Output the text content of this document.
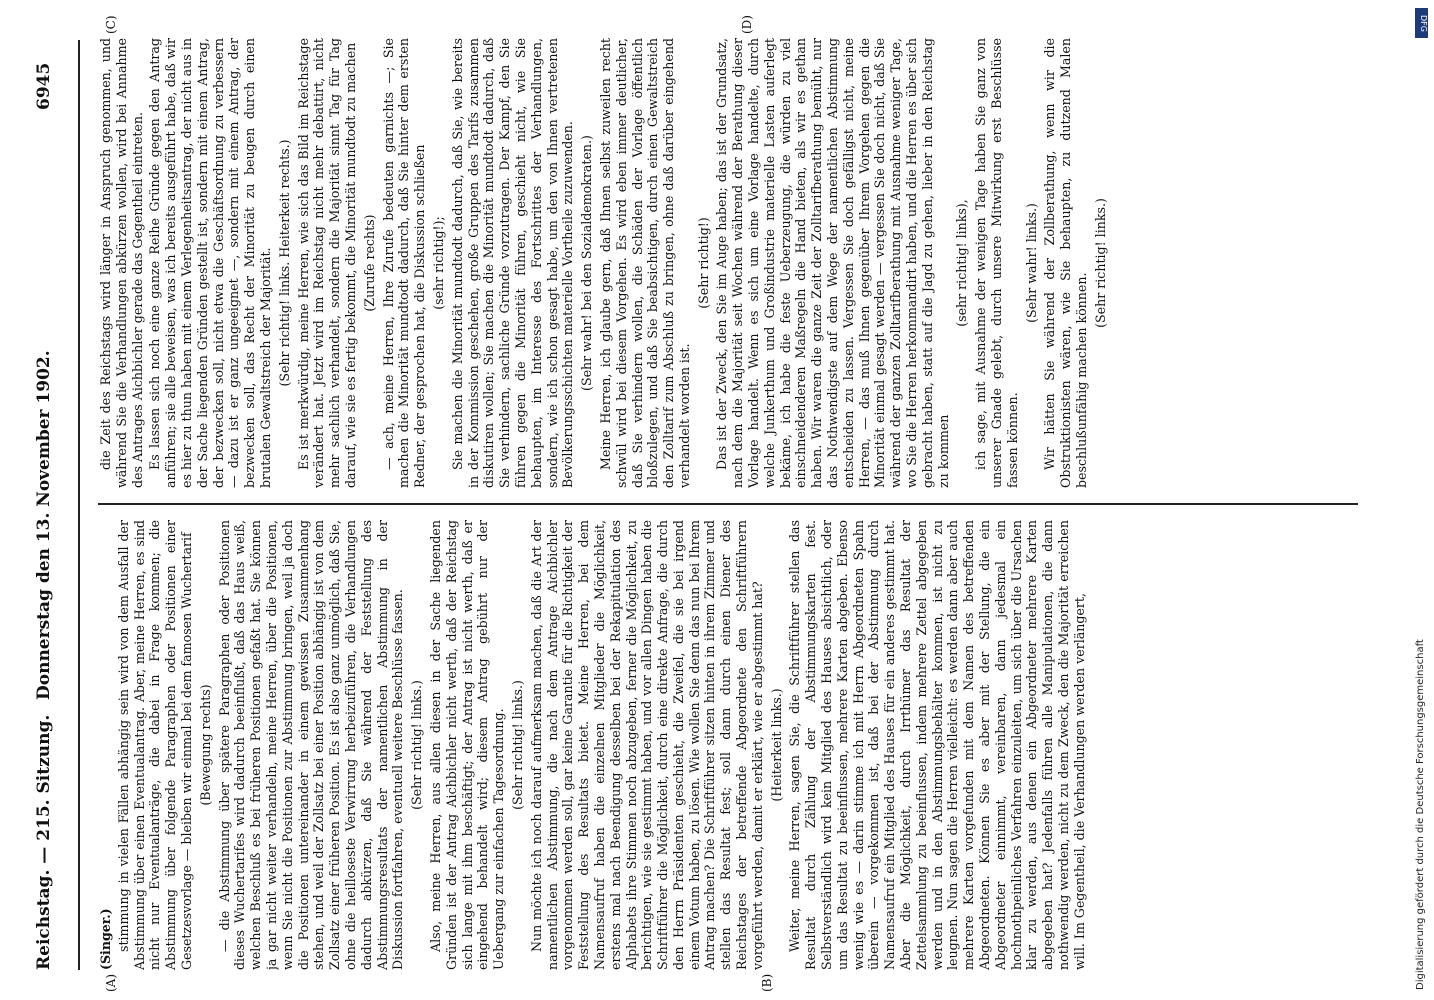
Reichstag. — 215. Sitzung.
Donnerstag den 13. November 1902.
6945
(A)	(B)
(C)	(D)

(Singer.) stimmung in vielen Fällen abhängig sein wird von dem Ausfall der Abstimmung über einen Eventualantrag. Aber, meine Herren, es sind nicht nur Eventualanträge, die dabei in Frage kommen; die Abstimmung über folgende Paragraphen oder Positionen einer Gesetzesvorlage — bleiben wir einmal bei dem famosen Wuchertarif (Bewegung rechts) — die Abstimmung über spätere Paragraphen oder Positionen dieses Wuchertarifes wird dadurch beeinflußt, daß das Haus weiß, welchen Beschluß es bei früheren Positionen gefaßt hat. Sie können ja gar nicht weiter verhandeln, meine Herren, über die Positionen, wenn Sie nicht die Positionen zur Abstimmung bringen, weil ja doch die Positionen untereinander in einem gewissen Zusammenhang stehen, und weil der Zollsatz bei einer Position abhängig ist von dem Zollsatz einer früheren Position. Es ist also ganz unmöglich, daß Sie, ohne die heilloseste Verwirrung herbeizuführen, die Verhandlungen dadurch abkürzen, daß Sie während der Feststellung des Abstimmungsresultats der namentlichen Abstimmung in der Diskussion fortfahren, eventuell weitere Beschlüsse fassen. (Sehr richtig! links.) Also, meine Herren, aus allen diesen in der Sache liegenden Gründen ist der Antrag Aichbichler nicht werth, daß der Reichstag sich lange mit ihm beschäftigt; der Antrag ist nicht werth, daß er eingehend behandelt wird; diesem Antrag gebührt nur der Uebergang zur einfachen Tagesordnung. (Sehr richtig! links.) Nun möchte ich noch darauf aufmerksam machen, daß die Art der namentlichen Abstimmung, die nach dem Antrage Aichbichler vorgenommen werden soll, gar keine Garantie für die Richtigkeit der Feststellung des Resultats bietet. Meine Herren, bei dem Namensaufruf haben die einzelnen Mitglieder die Möglichkeit, erstens mal nach Beendigung desselben bei der Rekapitulation des Alphabets ihre Stimmen noch abzugeben, ferner die Möglichkeit, zu berichtigen, wie sie gestimmt haben, und vor allen Dingen haben die Schriftführer die Möglichkeit, durch eine direkte Anfrage, die durch den Herrn Präsidenten geschieht, die Zweifel, die sie bei irgend einem Votum haben, zu lösen. Wie wollen Sie denn das nun bei Ihrem Antrag machen? Die Schriftführer sitzen hinten in ihrem Zimmer und stellen das Resultat fest; soll dann durch einen Diener des Reichstages der betreffende Abgeordnete den Schriftführern vorgeführt werden, damit er erklärt, wie er abgestimmt hat? (Heiterkeit links.) Weiter, meine Herren, sagen Sie, die Schriftführer stellen das Resultat durch Zählung der Abstimmungskarten fest. Selbstverständlich wird kein Mitglied des Hauses absichtlich, oder um das Resultat zu beeinflussen, mehrere Karten abgeben. Ebenso wenig wie es — darin stimme ich mit Herrn Abgeordneten Spahn überein — vorgekommen ist, daß bei der Abstimmung durch Namensaufruf ein Mitglied des Hauses für ein anderes gestimmt hat. Aber die Möglichkeit, durch Irrthümer das Resultat der Zettelsammlung zu beeinflussen, indem mehrere Zettel abgegeben werden und in den Abstimmungsbehälter kommen, ist nicht zu leugnen. Nun sagen die Herren vielleicht: es werden dann aber auch mehrere Karten vorgefunden mit dem Namen des betreffenden Abgeordneten. Können Sie es aber mit der Stellung, die ein Abgeordneter einnimmt, vereinbaren, dann jedesmal ein hochnothpeinliches Verfahren einzuleiten, um sich über die Ursachen klar zu werden, aus denen ein Abgeordneter mehrere Karten abgegeben hat? Jedenfalls führen alle Manipulationen, die dann nothwendig werden, nicht zu dem Zweck, den die Majorität erreichen will. Im Gegentheil, die Verhandlungen werden verlängert,

die Zeit des Reichstags wird länger in Anspruch genommen, und während Sie die Verhandlungen abkürzen wollen, wird bei Annahme des Antrages Aichbichler gerade das Gegentheil eintreten. Es lassen sich noch eine ganze Reihe Gründe gegen den Antrag anführen; sie alle beweisen, was ich bereits ausgeführt habe, daß wir es hier zu thun haben mit einem Verlegenheitsantrag, der nicht aus in der Sache liegenden Gründen gestellt ist, sondern mit einem Antrag, der bezwecken soll, nicht etwa die Geschäftsordnung zu verbessern — dazu ist er ganz ungeeignet —, sondern mit einem Antrag, der bezwecken soll, das Recht der Minorität zu beugen durch einen brutalen Gewaltstreich der Majorität. (Sehr richtig! links. Heiterkeit rechts.) Es ist merkwürdig, meine Herren, wie sich das Bild im Reichstage verändert hat. Jetzt wird im Reichstag nicht mehr debattirt, nicht mehr sachlich verhandelt, sondern die Majorität sinnt Tag für Tag darauf, wie sie es fertig bekommt, die Minorität mundtodt zu machen (Zurufe rechts) — ach, meine Herren, Ihre Zurufe bedeuten garnichts —; Sie machen die Minorität mundtodt dadurch, daß Sie hinter dem ersten Redner, der gesprochen hat, die Diskussion schließen (sehr richtig!); Sie machen die Minorität mundtodt dadurch, daß Sie, wie bereits in der Kommission geschehen, große Gruppen des Tarifs zusammen diskutiren wollen; Sie machen die Minorität mundtodt dadurch, daß Sie verhindern, sachliche Gründe vorzutragen. Der Kampf, den Sie führen gegen die Minorität führen, geschieht nicht, wie Sie behaupten, im Interesse des Fortschrittes der Verhandlungen, sondern, wie ich schon gesagt habe, um den von Ihnen vertretenen Bevölkerungsschichten materielle Vortheile zuzuwenden. (Sehr wahr! bei den Sozialdemokraten.) Meine Herren, ich glaube gern, daß Ihnen selbst zuweilen recht schwül wird bei diesem Vorgehen. Es wird eben immer deutlicher, daß Sie verhindern wollen, die Schäden der Vorlage öffentlich bloßzulegen, und daß Sie beabsichtigen, durch einen Gewaltstreich den Zolltarif zum Abschluß zu bringen, ohne daß darüber eingehend verhandelt worden ist.

(Sehr richtig!) Das ist der Zweck, den Sie im Auge haben; das ist der Grundsatz, nach dem die Majorität seit Wochen während der Berathung dieser Vorlage handelt. Wenn es sich um eine Vorlage handelte, durch welche Junkerthum und Großindustrie materielle Lasten auferlegt bekäme, ich habe die feste Ueberzeugung, die würden zu viel einschneidenderen Maßregeln die Hand bieten, als wir es gethan haben. Wir waren die ganze Zeit der Zolltarifberathung bemüht, nur das Nothwendigste auf dem Wege der namentlichen Abstimmung entscheiden zu lassen. Vergessen Sie doch gefälligst nicht, meine Herren, — das muß Ihnen gegenüber Ihrem Vorgehen gegen die Minorität einmal gesagt werden — vergessen Sie doch nicht, daß Sie während der ganzen Zolltarifberathung mit Ausnahme weniger Tage, wo Sie die Herren herkommandirt haben, und die Herren es über sich gebracht haben, statt auf die Jagd zu gehen, lieber in den Reichstag zu kommen

(sehr richtig! links), ich sage, mit Ausnahme der wenigen Tage haben Sie ganz von unserer Gnade gelebt, durch unsere Mitwirkung erst Beschlüsse fassen können.

(Sehr wahr! links.) Wir hätten Sie während der Zollberathung, wenn wir die Obstruktionisten wären, wie Sie behaupten, zu dutzend Malen beschlußunfähig machen können.

(Sehr richtig! links.)

DFG
Digitalisierung gefördert durch die Deutsche Forschungsgemeinschaft
